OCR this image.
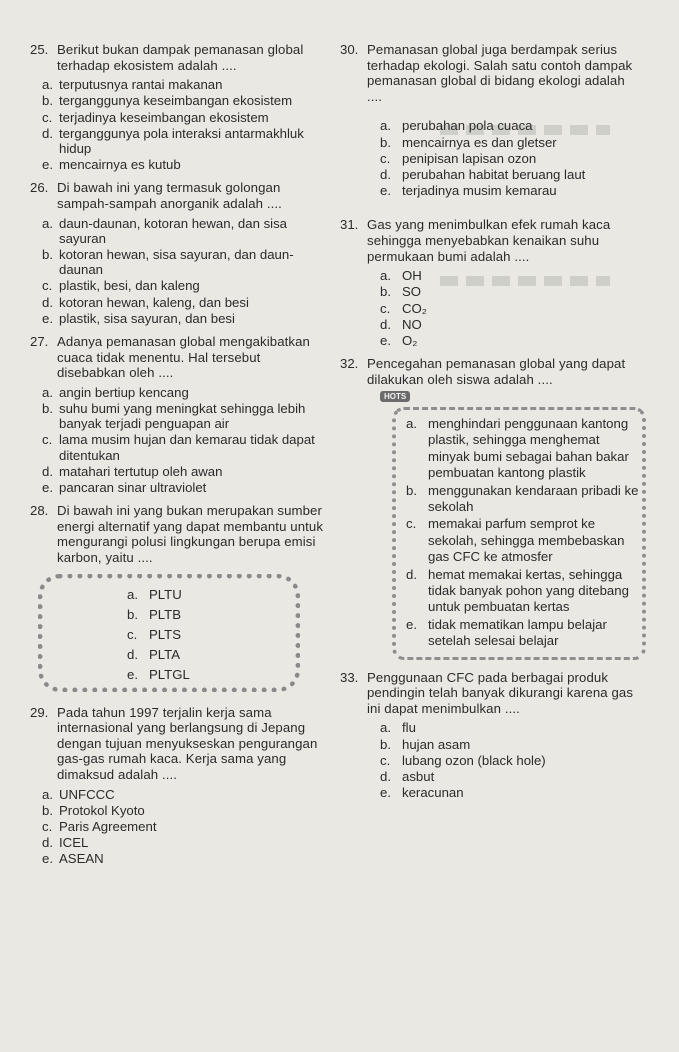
25. Berikut bukan dampak pemanasan global terhadap ekosistem adalah ....
a. terputusnya rantai makanan
b. terganggunya keseimbangan ekosistem
c. terjadinya keseimbangan ekosistem
d. terganggunya pola interaksi antarmakhluk hidup
e. mencairnya es kutub
26. Di bawah ini yang termasuk golongan sampah-sampah anorganik adalah ....
a. daun-daunan, kotoran hewan, dan sisa sayuran
b. kotoran hewan, sisa sayuran, dan daun-daunan
c. plastik, besi, dan kaleng
d. kotoran hewan, kaleng, dan besi
e. plastik, sisa sayuran, dan besi
27. Adanya pemanasan global mengakibatkan cuaca tidak menentu. Hal tersebut disebabkan oleh ....
a. angin bertiup kencang
b. suhu bumi yang meningkat sehingga lebih banyak terjadi penguapan air
c. lama musim hujan dan kemarau tidak dapat ditentukan
d. matahari tertutup oleh awan
e. pancaran sinar ultraviolet
28. Di bawah ini yang bukan merupakan sumber energi alternatif yang dapat membantu untuk mengurangi polusi lingkungan berupa emisi karbon, yaitu ....
a. PLTU
b. PLTB
c. PLTS
d. PLTA
e. PLTGL
29. Pada tahun 1997 terjalin kerja sama internasional yang berlangsung di Jepang dengan tujuan menyukseskan pengurangan gas-gas rumah kaca. Kerja sama yang dimaksud adalah ....
a. UNFCCC
b. Protokol Kyoto
c. Paris Agreement
d. ICEL
e. ASEAN
30. Pemanasan global juga berdampak serius terhadap ekologi. Salah satu contoh dampak pemanasan global di bidang ekologi adalah ....
a. perubahan pola cuaca
b. mencairnya es dan gletser
c. penipisan lapisan ozon
d. perubahan habitat beruang laut
e. terjadinya musim kemarau
31. Gas yang menimbulkan efek rumah kaca sehingga menyebabkan kenaikan suhu permukaan bumi adalah ....
a. OH
b. SO
c. CO₂
d. NO
e. O₂
32. Pencegahan pemanasan global yang dapat dilakukan oleh siswa adalah ....
HOTS
a. menghindari penggunaan kantong plastik, sehingga menghemat minyak bumi sebagai bahan bakar pembuatan kantong plastik
b. menggunakan kendaraan pribadi ke sekolah
c. memakai parfum semprot ke sekolah, sehingga membebaskan gas CFC ke atmosfer
d. hemat memakai kertas, sehingga tidak banyak pohon yang ditebang untuk pembuatan kertas
e. tidak mematikan lampu belajar setelah selesai belajar
33. Penggunaan CFC pada berbagai produk pendingin telah banyak dikurangi karena gas ini dapat menimbulkan ....
a. flu
b. hujan asam
c. lubang ozon (black hole)
d. asbut
e. keracunan
